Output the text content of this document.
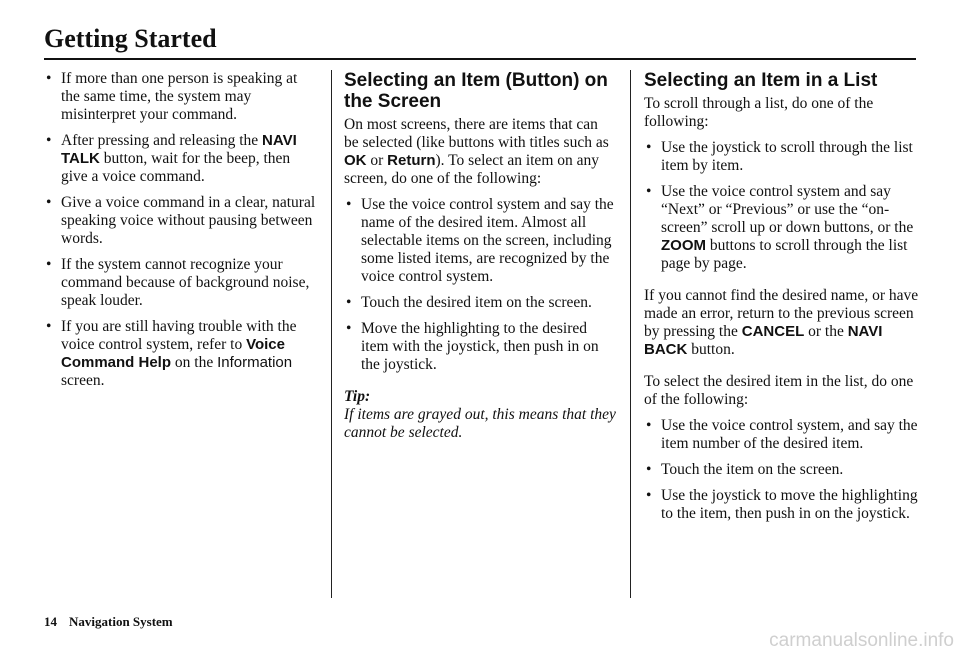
Getting Started
• If more than one person is speaking at the same time, the system may misinterpret your command.
• After pressing and releasing the NAVI TALK button, wait for the beep, then give a voice command.
• Give a voice command in a clear, natural speaking voice without pausing between words.
• If the system cannot recognize your command because of background noise, speak louder.
• If you are still having trouble with the voice control system, refer to Voice Command Help on the Information screen.
Selecting an Item (Button) on the Screen

On most screens, there are items that can be selected (like buttons with titles such as OK or Return). To select an item on any screen, do one of the following:

• Use the voice control system and say the name of the desired item. Almost all selectable items on the screen, including some listed items, are recognized by the voice control system.
• Touch the desired item on the screen.
• Move the highlighting to the desired item with the joystick, then push in on the joystick.

Tip:
If items are grayed out, this means that they cannot be selected.

Selecting an Item in a List

To scroll through a list, do one of the following:

• Use the joystick to scroll through the list item by item.
• Use the voice control system and say “Next” or “Previous” or use the “on-screen” scroll up or down buttons, or the ZOOM buttons to scroll through the list page by page.

If you cannot find the desired name, or have made an error, return to the previous screen by pressing the CANCEL or the NAVI BACK button.

To select the desired item in the list, do one of the following:

• Use the voice control system, and say the item number of the desired item.
• Touch the item on the screen.
• Use the joystick to move the highlighting to the item, then push in on the joystick.
14 Navigation System
carmanualsonline.info
